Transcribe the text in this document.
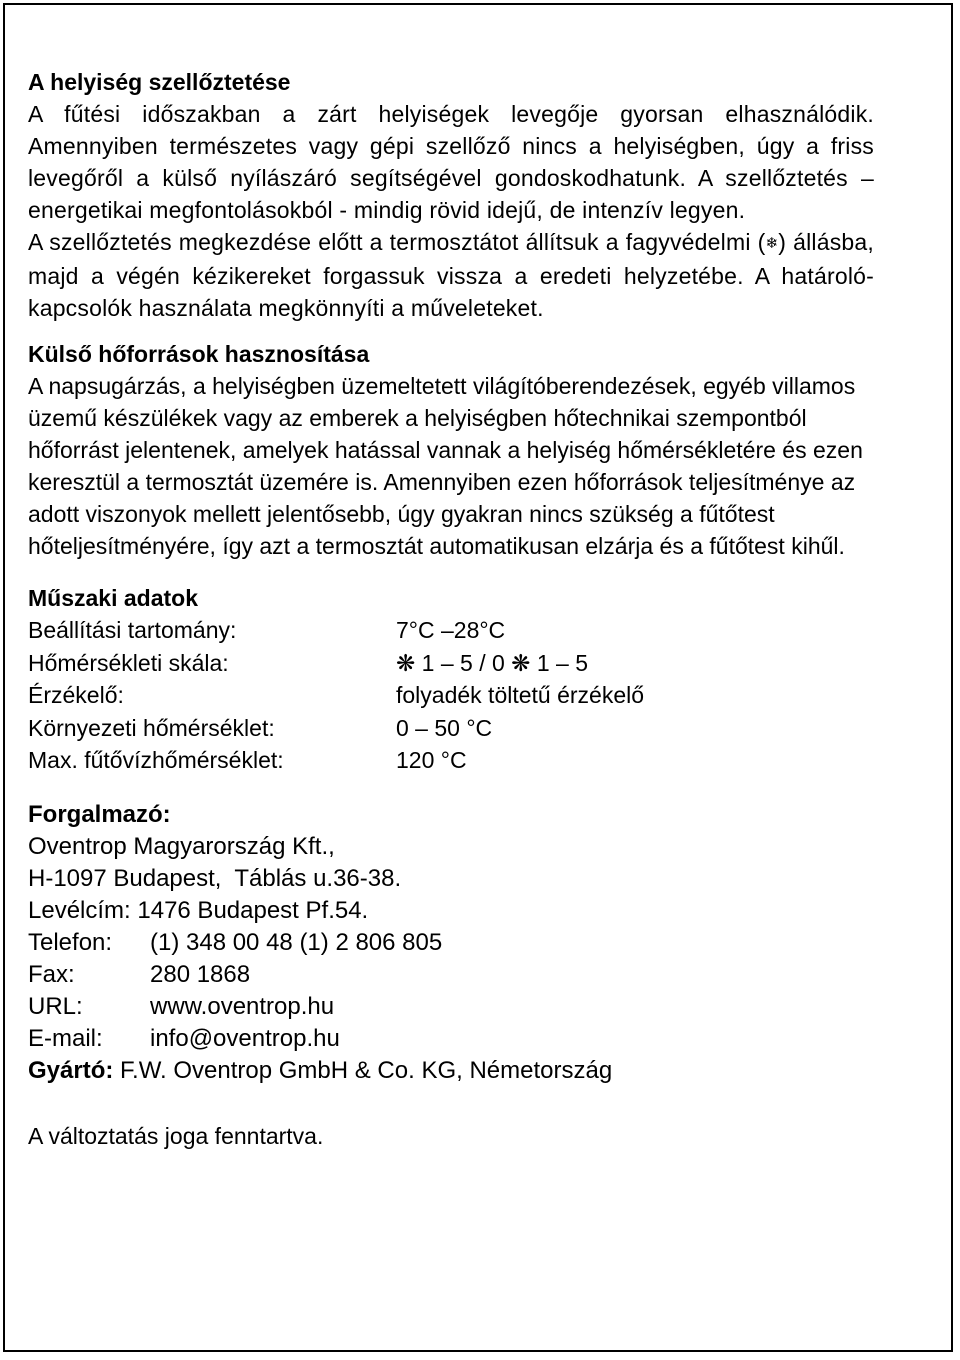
A helyiség szellőztetése

A fűtési időszakban a zárt helyiségek levegője gyorsan elhasználódik. Amennyiben természetes vagy gépi szellőző nincs a helyiségben, úgy a friss levegőről a külső nyílászáró segítségével gondoskodhatunk. A szellőztetés – energetikai megfontolásokból - mindig rövid idejű, de intenzív legyen.

A szellőztetés megkezdése előtt a termosztátot állítsuk a fagyvédelmi (❄) állásba, majd a végén kézikereket forgassuk vissza a eredeti helyzetébe. A határoló-kapcsolók használata megkönnyíti a műveleteket.

Külső hőforrások hasznosítása

A napsugárzás, a helyiségben üzemeltetett világítóberendezések, egyéb villamos üzemű készülékek vagy az emberek a helyiségben hőtechnikai szempontból hőforrást jelentenek, amelyek hatással vannak a helyiség hőmérsékletére és ezen keresztül a termosztát üzemére is. Amennyiben ezen hőforrások teljesítménye az adott viszonyok mellett jelentősebb, úgy gyakran nincs szükség a fűtőtest hőteljesítményére, így azt a termosztát automatikusan elzárja és a fűtőtest kihűl.

Műszaki adatok
Beállítási tartomány:	7°C –28°C
Hőmérsékleti skála:	❋ 1 – 5 / 0 ❋ 1 – 5
Érzékelő:	folyadék töltetű érzékelő
Környezeti hőmérséklet:	0 – 50 °C
Max. fűtővízhőmérséklet:	120 °C
Forgalmazó:

Oventrop Magyarország Kft.,

H-1097 Budapest,  Táblás u.36-38.

Levélcím: 1476 Budapest Pf.54.

Telefon:	(1) 348 00 48 (1) 2 806 805
Fax:	280 1868
URL:	www.oventrop.hu
E-mail:	info@oventrop.hu

Gyártó: F.W. Oventrop GmbH & Co. KG, Németország

A változtatás joga fenntartva.
